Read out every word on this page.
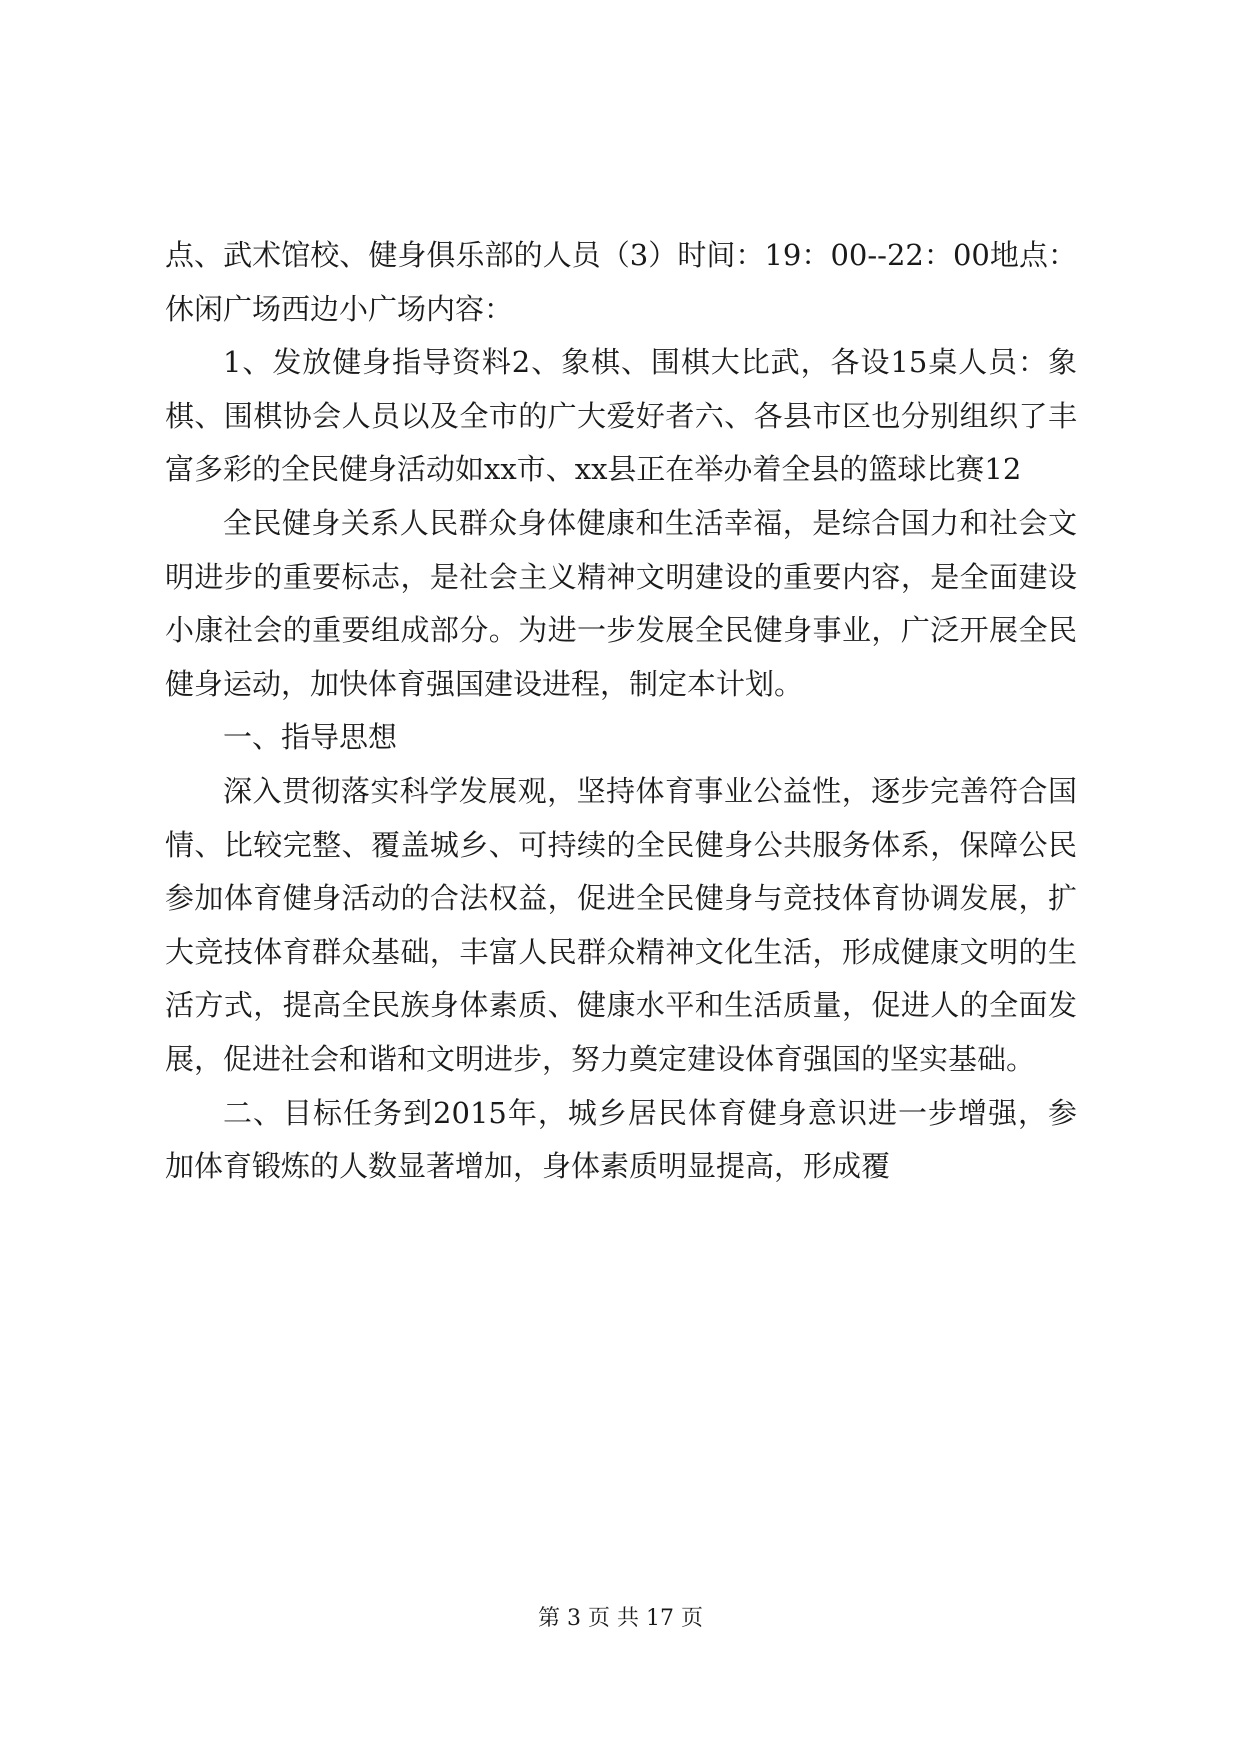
点、武术馆校、健身俱乐部的人员（3）时间：19：00--22：00地点：休闲广场西边小广场内容：

1、发放健身指导资料2、象棋、围棋大比武，各设15桌人员：象棋、围棋协会人员以及全市的广大爱好者六、各县市区也分别组织了丰富多彩的全民健身活动如xx市、xx县正在举办着全县的篮球比赛12

全民健身关系人民群众身体健康和生活幸福，是综合国力和社会文明进步的重要标志，是社会主义精神文明建设的重要内容，是全面建设小康社会的重要组成部分。为进一步发展全民健身事业，广泛开展全民健身运动，加快体育强国建设进程，制定本计划。

一、指导思想

深入贯彻落实科学发展观，坚持体育事业公益性，逐步完善符合国情、比较完整、覆盖城乡、可持续的全民健身公共服务体系，保障公民参加体育健身活动的合法权益，促进全民健身与竞技体育协调发展，扩大竞技体育群众基础，丰富人民群众精神文化生活，形成健康文明的生活方式，提高全民族身体素质、健康水平和生活质量，促进人的全面发展，促进社会和谐和文明进步，努力奠定建设体育强国的坚实基础。

二、目标任务到2015年，城乡居民体育健身意识进一步增强，参加体育锻炼的人数显著增加，身体素质明显提高，形成覆

第 3 页 共 17 页
